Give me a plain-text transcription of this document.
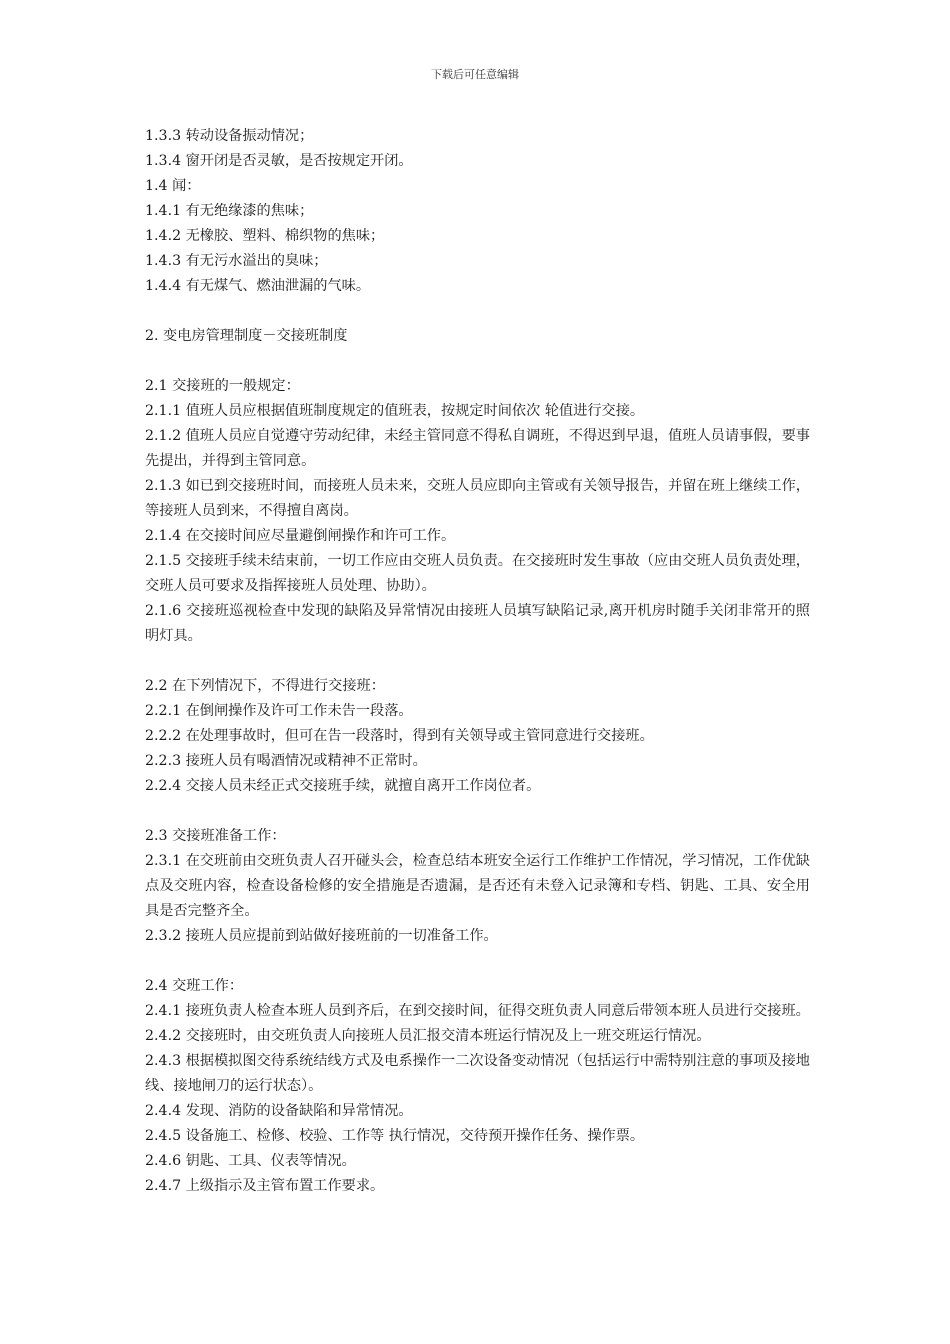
下载后可任意编辑

1.3.3 转动设备振动情况；

1.3.4 窗开闭是否灵敏，是否按规定开闭。

1.4 闻：

1.4.1 有无绝缘漆的焦味；

1.4.2 无橡胶、塑料、棉织物的焦味；

1.4.3 有无污水溢出的臭味；

1.4.4 有无煤气、燃油泄漏的气味。

2. 变电房管理制度－交接班制度

2.1 交接班的一般规定：

2.1.1 值班人员应根据值班制度规定的值班表，按规定时间依次 轮值进行交接。

2.1.2 值班人员应自觉遵守劳动纪律，未经主管同意不得私自调班，不得迟到早退，值班人员请事假，要事先提出，并得到主管同意。

2.1.3 如已到交接班时间，而接班人员未来，交班人员应即向主管或有关领导报告，并留在班上继续工作，等接班人员到来，不得擅自离岗。

2.1.4 在交接时间应尽量避倒闸操作和许可工作。

2.1.5 交接班手续未结束前，一切工作应由交班人员负责。在交接班时发生事故（应由交班人员负责处理，交班人员可要求及指挥接班人员处理、协助）。

2.1.6 交接班巡视检查中发现的缺陷及异常情况由接班人员填写缺陷记录,离开机房时随手关闭非常开的照明灯具。

2.2 在下列情况下，不得进行交接班：

2.2.1 在倒闸操作及许可工作未告一段落。

2.2.2 在处理事故时，但可在告一段落时，得到有关领导或主管同意进行交接班。

2.2.3 接班人员有喝酒情况或精神不正常时。

2.2.4 交接人员未经正式交接班手续，就擅自离开工作岗位者。

2.3 交接班准备工作：

2.3.1 在交班前由交班负责人召开碰头会，检查总结本班安全运行工作维护工作情况，学习情况，工作优缺点及交班内容，检查设备检修的安全措施是否遗漏，是否还有未登入记录簿和专档、钥匙、工具、安全用具是否完整齐全。

2.3.2 接班人员应提前到站做好接班前的一切准备工作。

2.4 交班工作：

2.4.1 接班负责人检查本班人员到齐后，在到交接时间，征得交班负责人同意后带领本班人员进行交接班。

2.4.2 交接班时，由交班负责人向接班人员汇报交清本班运行情况及上一班交班运行情况。

2.4.3 根据模拟图交待系统结线方式及电系操作一二次设备变动情况（包括运行中需特别注意的事项及接地线、接地闸刀的运行状态）。

2.4.4 发现、消防的设备缺陷和异常情况。

2.4.5 设备施工、检修、校验、工作等 执行情况，交待预开操作任务、操作票。

2.4.6 钥匙、工具、仪表等情况。

2.4.7 上级指示及主管布置工作要求。
